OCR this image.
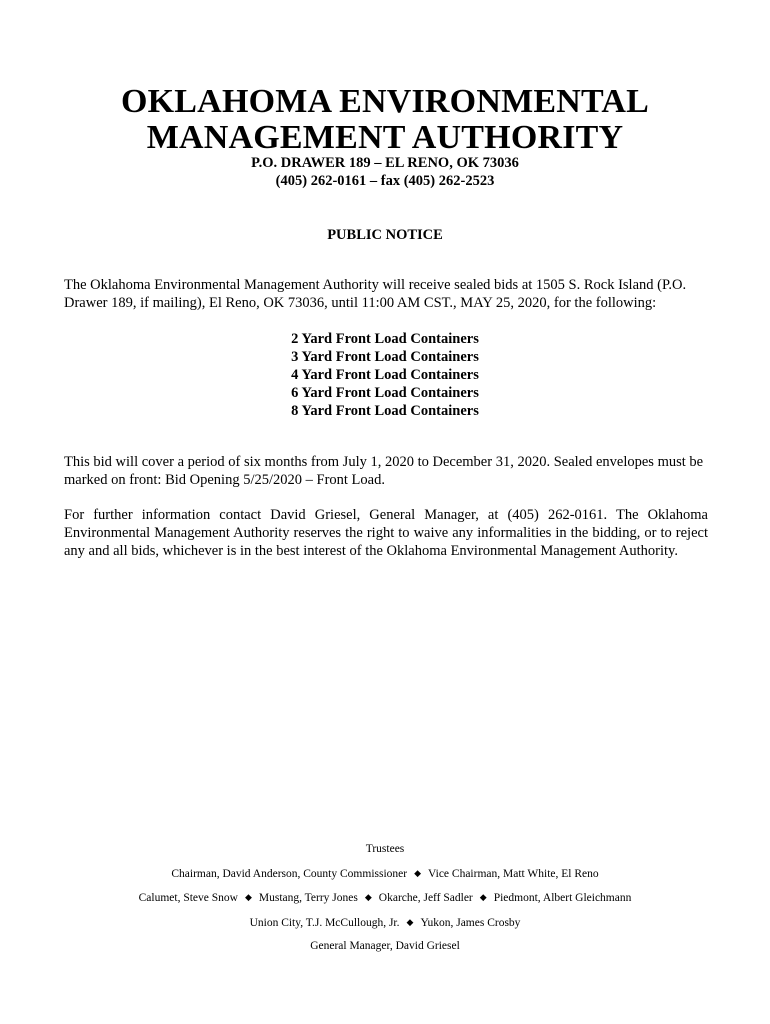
OKLAHOMA ENVIRONMENTAL
MANAGEMENT AUTHORITY
P.O. DRAWER 189 – EL RENO, OK 73036
(405) 262-0161 – fax (405) 262-2523
PUBLIC NOTICE
The Oklahoma Environmental Management Authority will receive sealed bids at 1505 S. Rock Island (P.O. Drawer 189, if mailing), El Reno, OK 73036, until 11:00 AM CST., MAY 25, 2020, for the following:
2 Yard Front Load Containers
3 Yard Front Load Containers
4 Yard Front Load Containers
6 Yard Front Load Containers
8 Yard Front Load Containers
This bid will cover a period of six months from July 1, 2020 to December 31, 2020. Sealed envelopes must be marked on front: Bid Opening 5/25/2020 – Front Load.
For further information contact David Griesel, General Manager, at (405) 262-0161. The Oklahoma Environmental Management Authority reserves the right to waive any informalities in the bidding, or to reject any and all bids, whichever is in the best interest of the Oklahoma Environmental Management Authority.
Trustees
Chairman, David Anderson, County Commissioner ◆ Vice Chairman, Matt White, El Reno
Calumet, Steve Snow ◆ Mustang, Terry Jones ◆ Okarche, Jeff Sadler ◆ Piedmont, Albert Gleichmann
Union City, T.J. McCullough, Jr. ◆ Yukon, James Crosby
General Manager, David Griesel
